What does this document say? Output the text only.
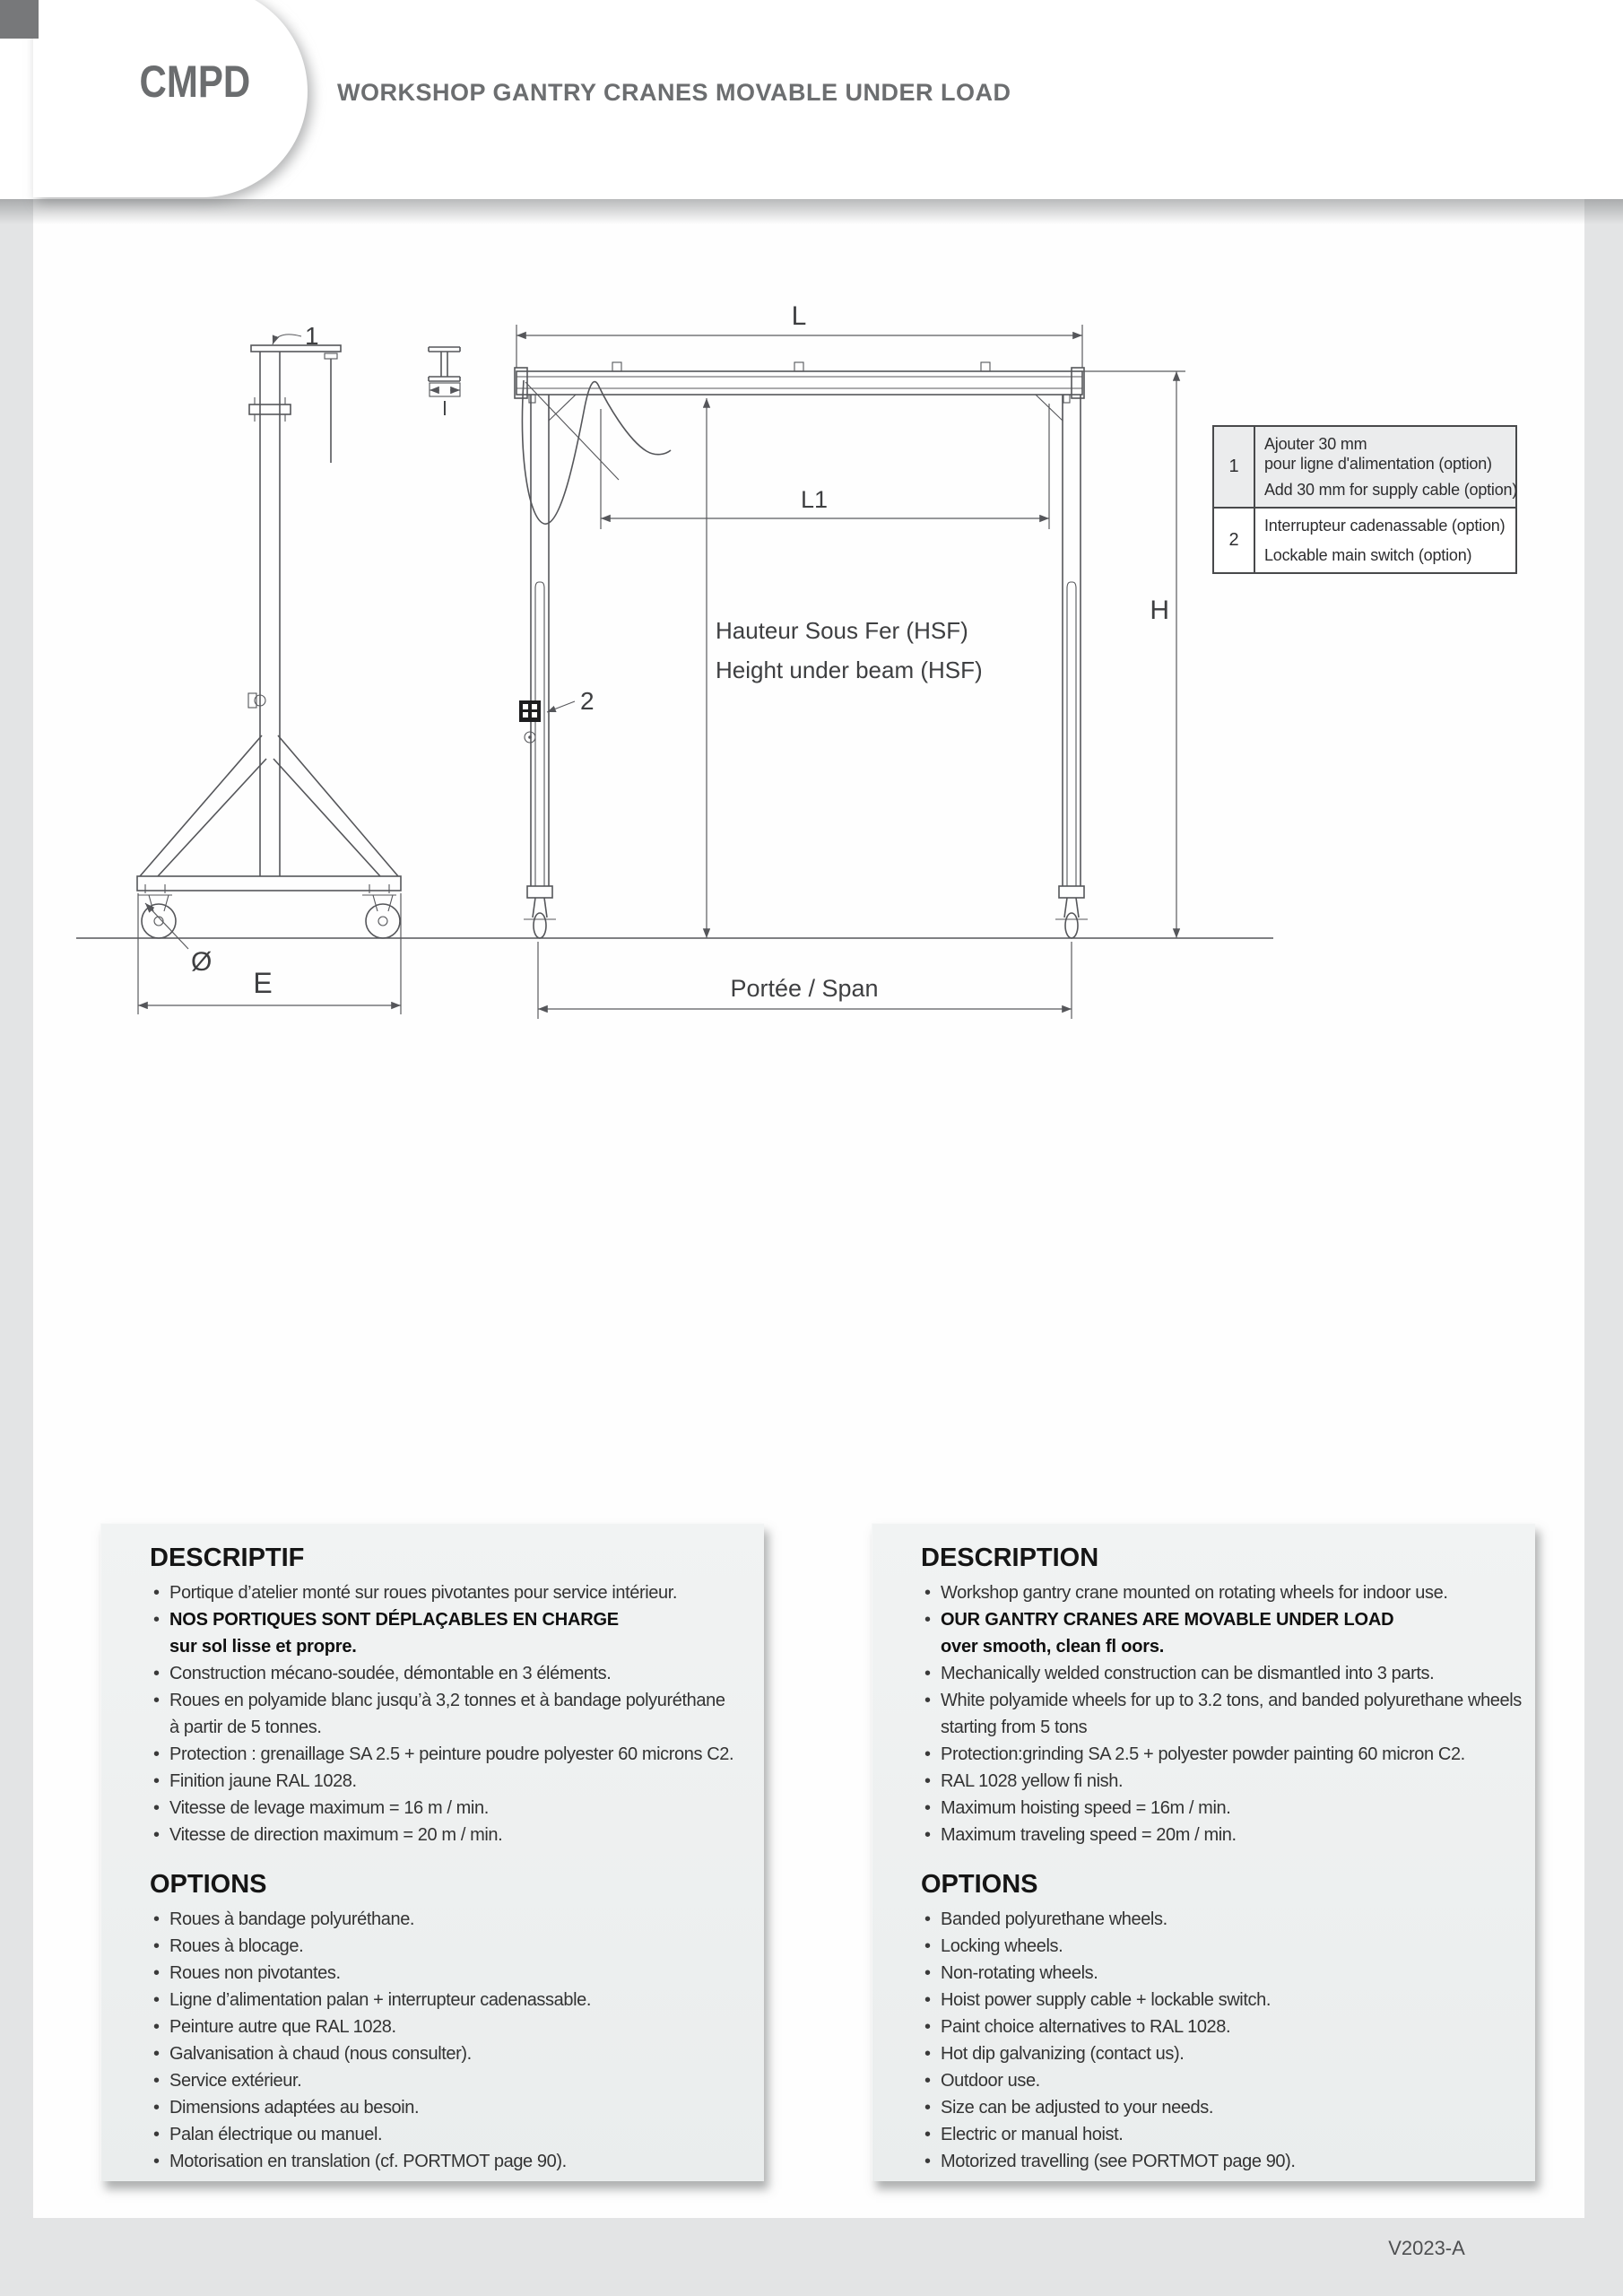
CMPD	WORKSHOP GANTRY CRANES MOVABLE UNDER LOAD
1
Ø
E
l
L
2
L1
Hauteur Sous Fer (HSF)
Height under beam (HSF)
H
Portée / Span
1
Ajouter 30 mm
pour ligne d'alimentation (option)
Add 30 mm for supply cable (option)
2
Interrupteur cadenassable (option)
Lockable main switch (option)
DESCRIPTIF
• Portique d’atelier monté sur roues pivotantes pour service intérieur.
• NOS PORTIQUES SONT DÉPLAÇABLES EN CHARGE
sur sol lisse et propre.
• Construction mécano-soudée, démontable en 3 éléments.
• Roues en polyamide blanc jusqu’à 3,2 tonnes et à bandage polyuréthane
à partir de 5 tonnes.
• Protection : grenaillage SA 2.5 + peinture poudre polyester 60 microns C2.
• Finition jaune RAL 1028.
• Vitesse de levage maximum = 16 m / min.
• Vitesse de direction maximum = 20 m / min.
OPTIONS
• Roues à bandage polyuréthane.
• Roues à blocage.
• Roues non pivotantes.
• Ligne d’alimentation palan + interrupteur cadenassable.
• Peinture autre que RAL 1028.
• Galvanisation à chaud (nous consulter).
• Service extérieur.
• Dimensions adaptées au besoin.
• Palan électrique ou manuel.
• Motorisation en translation (cf. PORTMOT page 90).
DESCRIPTION
• Workshop gantry crane mounted on rotating wheels for indoor use.
• OUR GANTRY CRANES ARE MOVABLE UNDER LOAD
over smooth, clean fl oors.
• Mechanically welded construction can be dismantled into 3 parts.
• White polyamide wheels for up to 3.2 tons, and banded polyurethane wheels
starting from 5 tons
• Protection:grinding SA 2.5 + polyester powder painting 60 micron C2.
• RAL 1028 yellow fi nish.
• Maximum hoisting speed = 16m / min.
• Maximum traveling speed = 20m / min.
OPTIONS
• Banded polyurethane wheels.
• Locking wheels.
• Non-rotating wheels.
• Hoist power supply cable + lockable switch.
• Paint choice alternatives to RAL 1028.
• Hot dip galvanizing (contact us).
• Outdoor use.
• Size can be adjusted to your needs.
• Electric or manual hoist.
• Motorized travelling (see PORTMOT page 90).
V2023-A
